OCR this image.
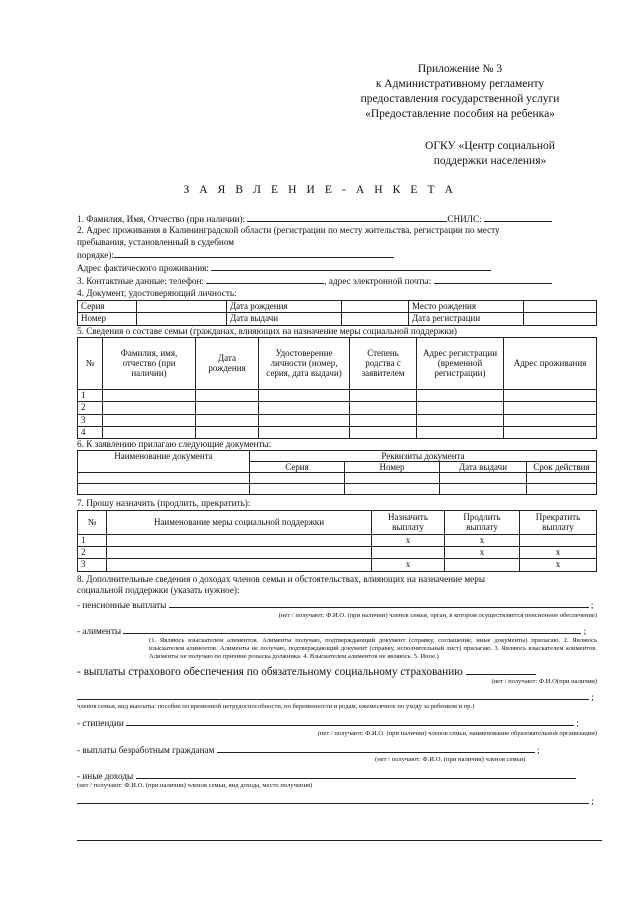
Приложение № 3
к Административному регламенту
предоставления государственной услуги
«Предоставление пособия на ребенка»
ОГКУ «Центр социальной
поддержки населения»
З А Я В Л Е Н И Е - А Н К Е Т А
1. Фамилия, Имя, Отчество (при наличии):	СНИЛС:
2. Адрес проживания в Калининградской области (регистрации по месту жительства, регистрации по месту
пребывания, установленный в судебном
порядке):
Адрес фактического проживания:
3. Контактные данные: телефон:	, адрес электронной почты:
4. Документ, удостоверяющий личность:
Серия		Дата рождения		Место рождения	
Номер		Дата выдачи		Дата регистрации	
5. Сведения о составе семьи (гражданах, влияющих на назначение меры социальной поддержки)
№	Фамилия, имя, отчество (при наличии)	Дата рождения	Удостоверение личности (номер, серия, дата выдачи)	Степень родства с заявителем	Адрес регистрации (временной регистрации)	Адрес проживания
1						
2						
3						
4						
6. К заявлению прилагаю следующие документы:
Наименование документа	Реквизиты документа			
	Серия	Номер	Дата выдачи	Срок действия

7. Прошу назначить (продлить, прекратить):
№	Наименование меры социальной поддержки	Назначить выплату	Продлить выплату	Прекратить выплату
1		x	x	
2			x	x
3		x		x
8. Дополнительные сведения о доходах членов семьи и обстоятельствах, влияющих на назначение меры
социальной поддержки (указать нужное):
- пенсионные выплаты	;
(нет / получают: Ф.И.О. (при наличии) членов семьи, орган, в котором осуществляется пенсионное обеспечение)
- алименты	;
(1. Являюсь взыскателем алиментов. Алименты получаю, подтверждающий документ (справку, соглашение, иные документы) прилагаю. 2. Являюсь взыскателем алиментов. Алименты не получаю, подтверждающий документ (справку, исполнительный лист) прилагаю. 3. Являюсь взыскателем алиментов. Алименты не получаю по причине розыска должника. 4. Взыскателем алиментов не являюсь. 5. Иное.)
- выплаты страхового обеспечения по обязательному социальному страхованию
(нет / получают: Ф.И.О(при наличии)
;
членов семьи, вид выплаты: пособие по временной нетрудоспособности, по беременности и родам, ежемесячное по уходу за ребенком и пр.)
- стипендии	;
(нет / получают: Ф.И.О. (при наличии) членов семьи, наименование образовательной организации)
- выплаты безработным гражданам	;
(нет / получают: Ф.И.О. (при наличии) членов семьи)
- иные доходы
(нет / получают: Ф.И.О. (при наличии) членов семьи, вид дохода, место получения)
;
